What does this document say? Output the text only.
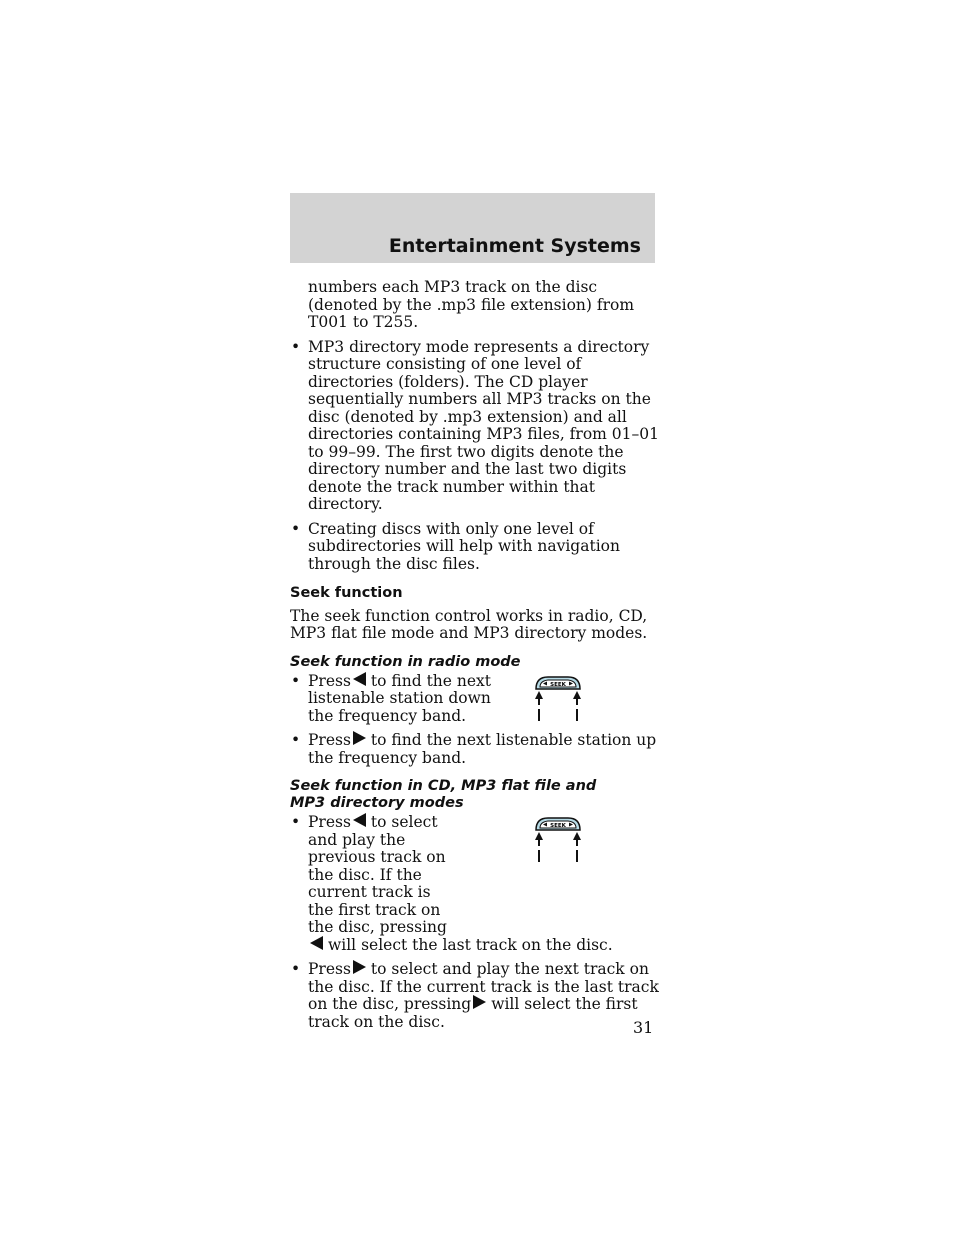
Entertainment Systems

numbers each MP3 track on the disc (denoted by the .mp3 file extension) from T001 to T255.

• MP3 directory mode represents a directory structure consisting of one level of directories (folders). The CD player sequentially numbers all MP3 tracks on the disc (denoted by .mp3 extension) and all directories containing MP3 files, from 01–01 to 99–99. The first two digits denote the directory number and the last two digits denote the track number within that directory.

• Creating discs with only one level of subdirectories will help with navigation through the disc files.

Seek function

The seek function control works in radio, CD, MP3 flat file mode and MP3 directory modes.

Seek function in radio mode

SEEK

• Press to find the next listenable station down the frequency band.

• Press to find the next listenable station up the frequency band.

Seek function in CD, MP3 flat file and MP3 directory modes

SEEK

• Press to select and play the previous track on the disc. If the current track is the first track on the disc, pressing
will select the last track on the disc.

• Press to select and play the next track on the disc. If the current track is the last track on the disc, pressing will select the first track on the disc.	31
